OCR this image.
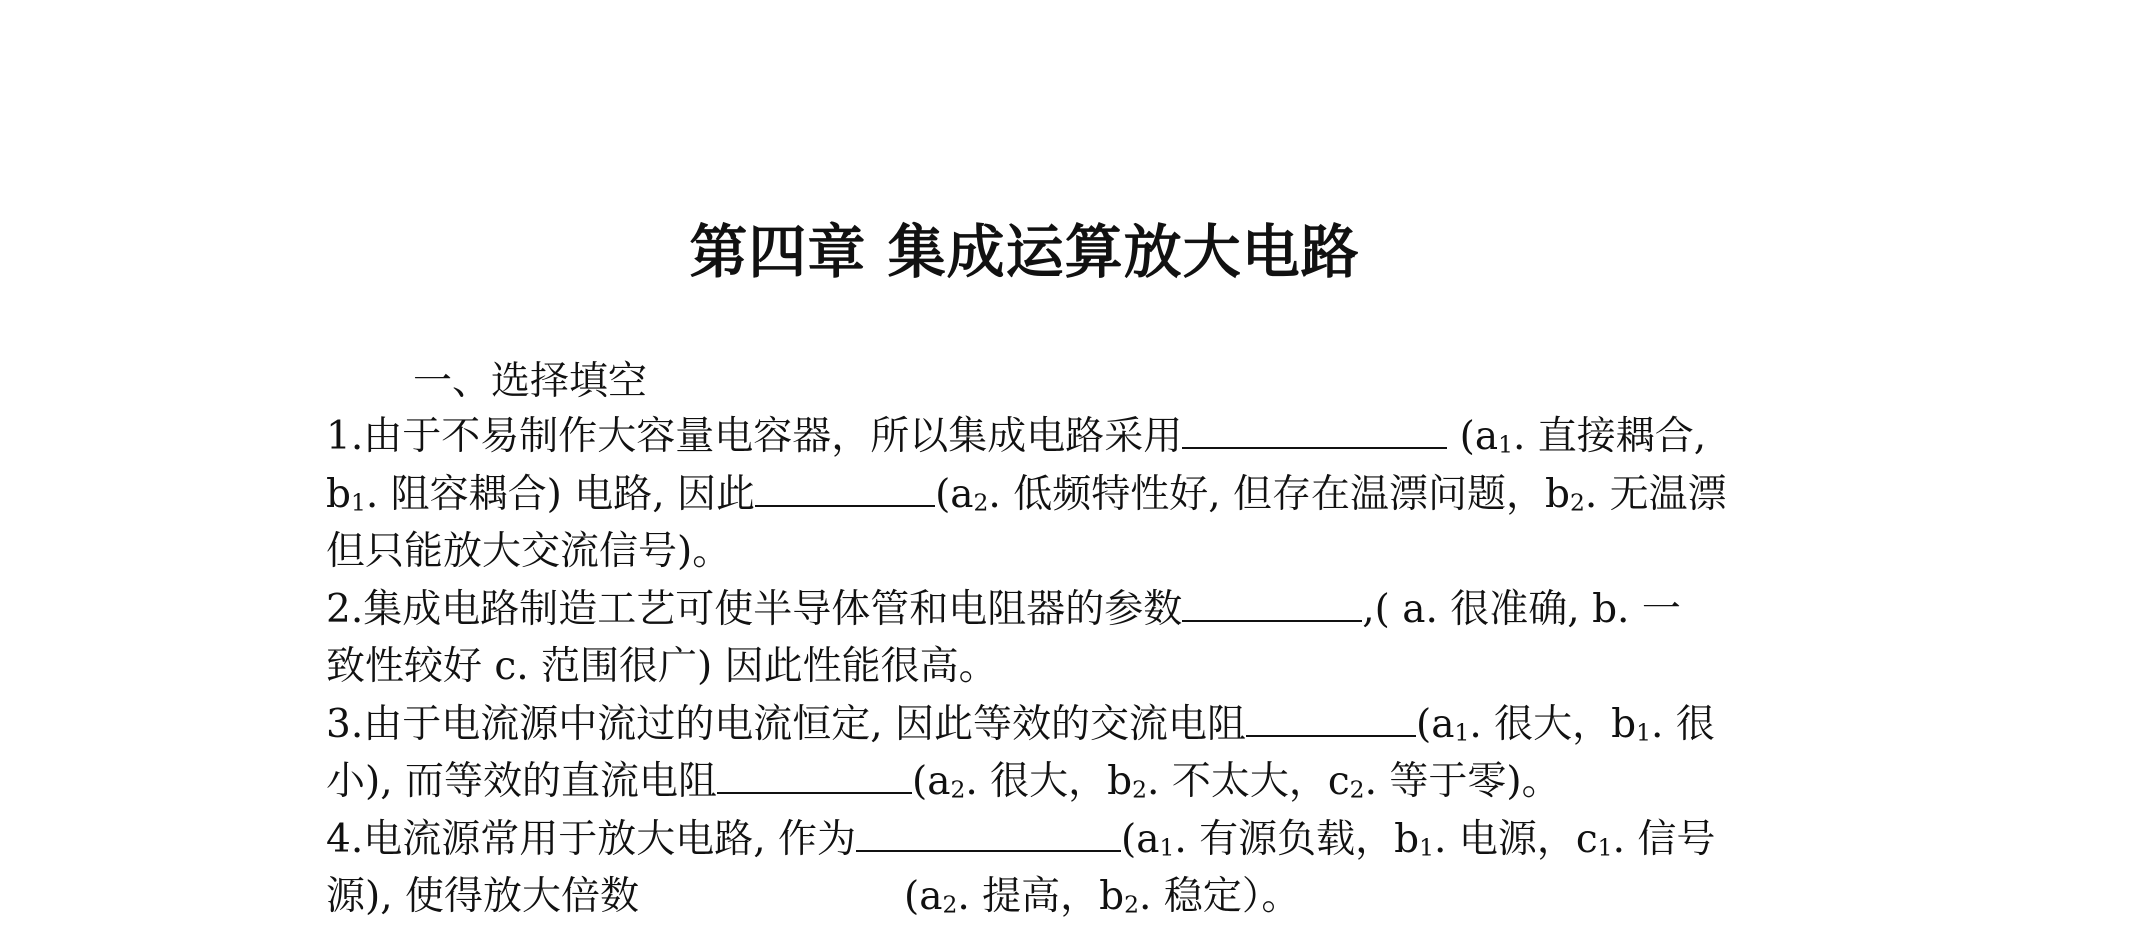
第四章 集成运算放大电路
一、选择填空
1.由于不易制作大容量电容器，所以集成电路采用	($a_1$. 直接耦合,
$b_1$. 阻容耦合) 电路, 因此	($a_2$. 低频特性好, 但存在温漂问题，$b_2$. 无温漂
但只能放大交流信号)。
2.集成电路制造工艺可使半导体管和电阻器的参数	,( a. 很准确, b. 一
致性较好 c. 范围很广) 因此性能很高。
3.由于电流源中流过的电流恒定, 因此等效的交流电阻	($a_1$. 很大，$b_1$. 很
小), 而等效的直流电阻	($a_2$. 很大，$b_2$. 不太大，$c_2$. 等于零)。
4.电流源常用于放大电路, 作为	($a_1$. 有源负载，$b_1$. 电源，$c_1$. 信号
源), 使得放大倍数	($a_2$. 提高，$b_2$. 稳定）。
